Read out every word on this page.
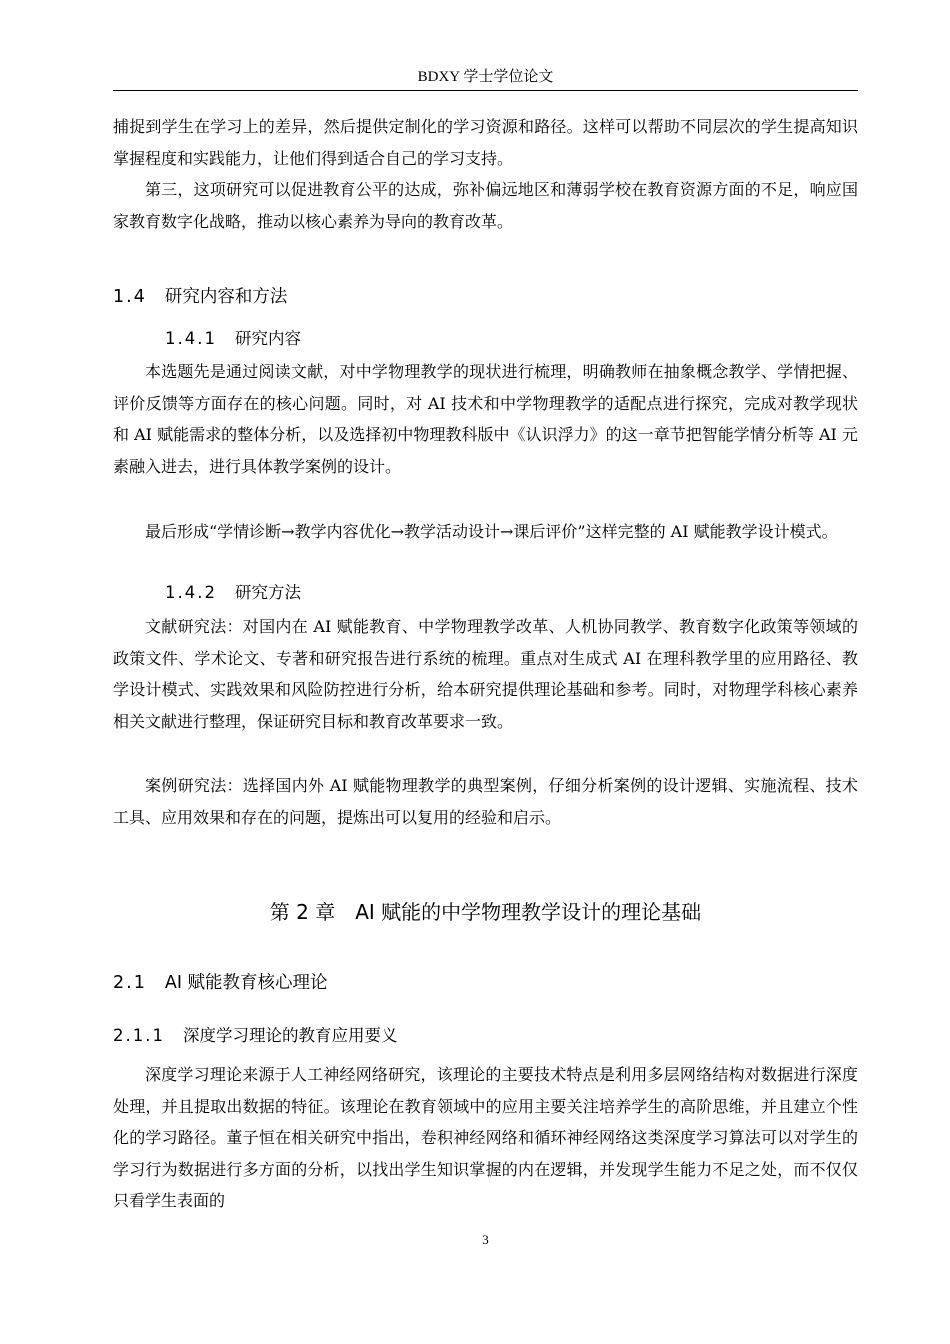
BDXY 学士学位论文

捕捉到学生在学习上的差异，然后提供定制化的学习资源和路径。这样可以帮助不同层次的学生提高知识掌握程度和实践能力，让他们得到适合自己的学习支持。

第三，这项研究可以促进教育公平的达成，弥补偏远地区和薄弱学校在教育资源方面的不足，响应国家教育数字化战略，推动以核心素养为导向的教育改革。

1.4 研究内容和方法
1.4.1 研究内容

本选题先是通过阅读文献，对中学物理教学的现状进行梳理，明确教师在抽象概念教学、学情把握、评价反馈等方面存在的核心问题。同时，对 AI 技术和中学物理教学的适配点进行探究，完成对教学现状和 AI 赋能需求的整体分析，以及选择初中物理教科版中《认识浮力》的这一章节把智能学情分析等 AI 元素融入进去，进行具体教学案例的设计。

最后形成“学情诊断→教学内容优化→教学活动设计→课后评价”这样完整的 AI 赋能教学设计模式。

1.4.2 研究方法

文献研究法：对国内在 AI 赋能教育、中学物理教学改革、人机协同教学、教育数字化政策等领域的政策文件、学术论文、专著和研究报告进行系统的梳理。重点对生成式 AI 在理科教学里的应用路径、教学设计模式、实践效果和风险防控进行分析，给本研究提供理论基础和参考。同时，对物理学科核心素养相关文献进行整理，保证研究目标和教育改革要求一致。

案例研究法：选择国内外 AI 赋能物理教学的典型案例，仔细分析案例的设计逻辑、实施流程、技术工具、应用效果和存在的问题，提炼出可以复用的经验和启示。

第 2 章　AI 赋能的中学物理教学设计的理论基础
2.1 AI 赋能教育核心理论
2.1.1 深度学习理论的教育应用要义

深度学习理论来源于人工神经网络研究，该理论的主要技术特点是利用多层网络结构对数据进行深度处理，并且提取出数据的特征。该理论在教育领域中的应用主要关注培养学生的高阶思维，并且建立个性化的学习路径。董子恒在相关研究中指出，卷积神经网络和循环神经网络这类深度学习算法可以对学生的学习行为数据进行多方面的分析，以找出学生知识掌握的内在逻辑，并发现学生能力不足之处，而不仅仅只看学生表面的

3
